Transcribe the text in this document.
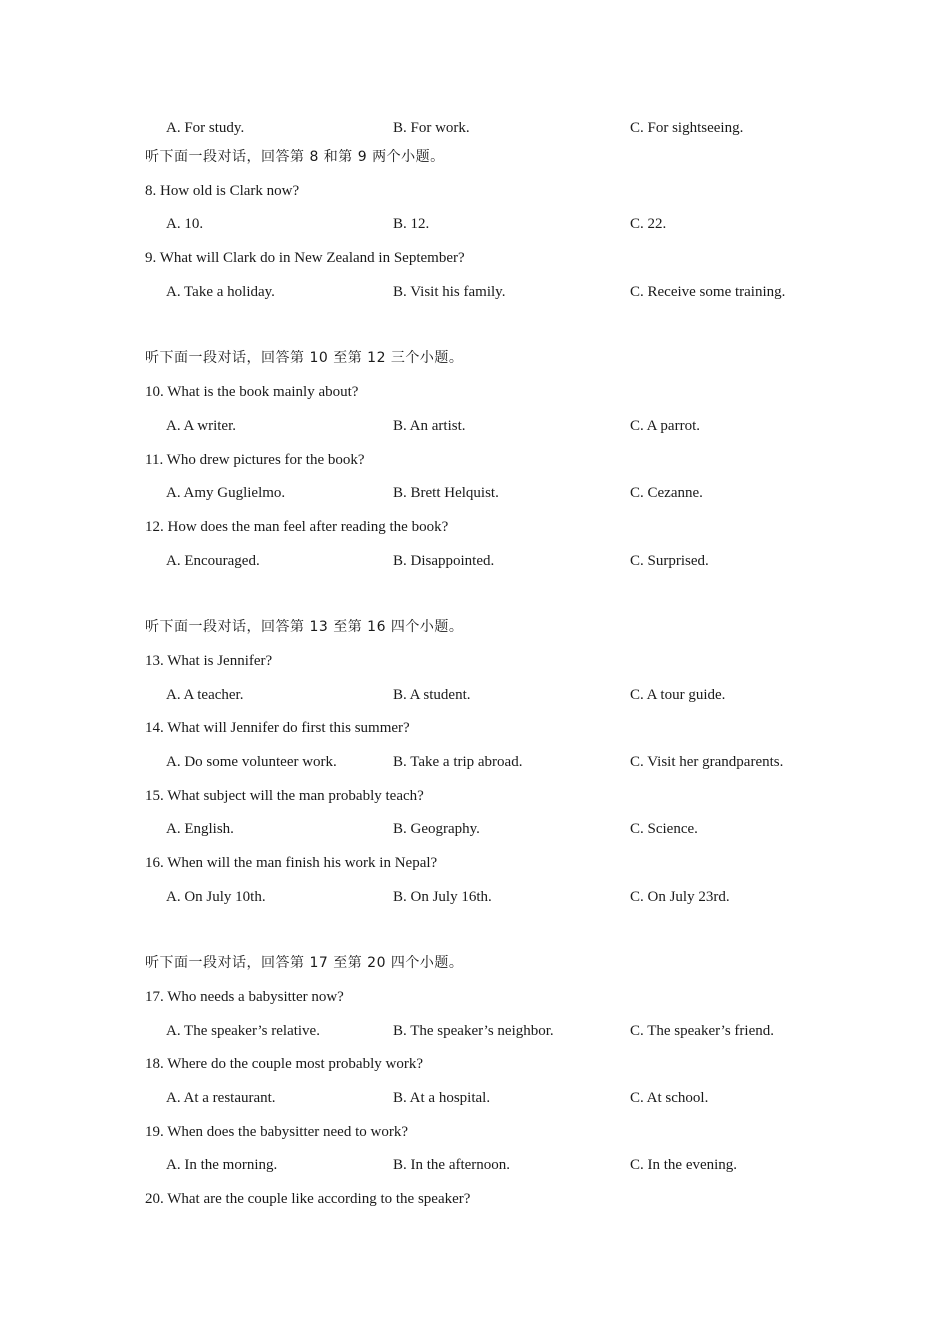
A. For study.	B. For work.	C. For sightseeing.
听下面一段对话，回答第 8 和第 9 两个小题。
8. How old is Clark now?
A. 10.	B. 12.	C. 22.
9. What will Clark do in New Zealand in September?
A. Take a holiday.	B. Visit his family.	C. Receive some training.
听下面一段对话，回答第 10 至第 12 三个小题。
10. What is the book mainly about?
A. A writer.	B. An artist.	C. A parrot.
11. Who drew pictures for the book?
A. Amy Guglielmo.	B. Brett Helquist.	C. Cezanne.
12. How does the man feel after reading the book?
A. Encouraged.	B. Disappointed.	C. Surprised.
听下面一段对话，回答第 13 至第 16 四个小题。
13. What is Jennifer?
A. A teacher.	B. A student.	C. A tour guide.
14. What will Jennifer do first this summer?
A. Do some volunteer work.	B. Take a trip abroad.	C. Visit her grandparents.
15. What subject will the man probably teach?
A. English.	B. Geography.	C. Science.
16. When will the man finish his work in Nepal?
A. On July 10th.	B. On July 16th.	C. On July 23rd.
听下面一段对话，回答第 17 至第 20 四个小题。
17. Who needs a babysitter now?
A. The speaker’s relative.	B. The speaker’s neighbor.	C. The speaker’s friend.
18. Where do the couple most probably work?
A. At a restaurant.	B. At a hospital.	C. At school.
19. When does the babysitter need to work?
A. In the morning.	B. In the afternoon.	C. In the evening.
20. What are the couple like according to the speaker?
